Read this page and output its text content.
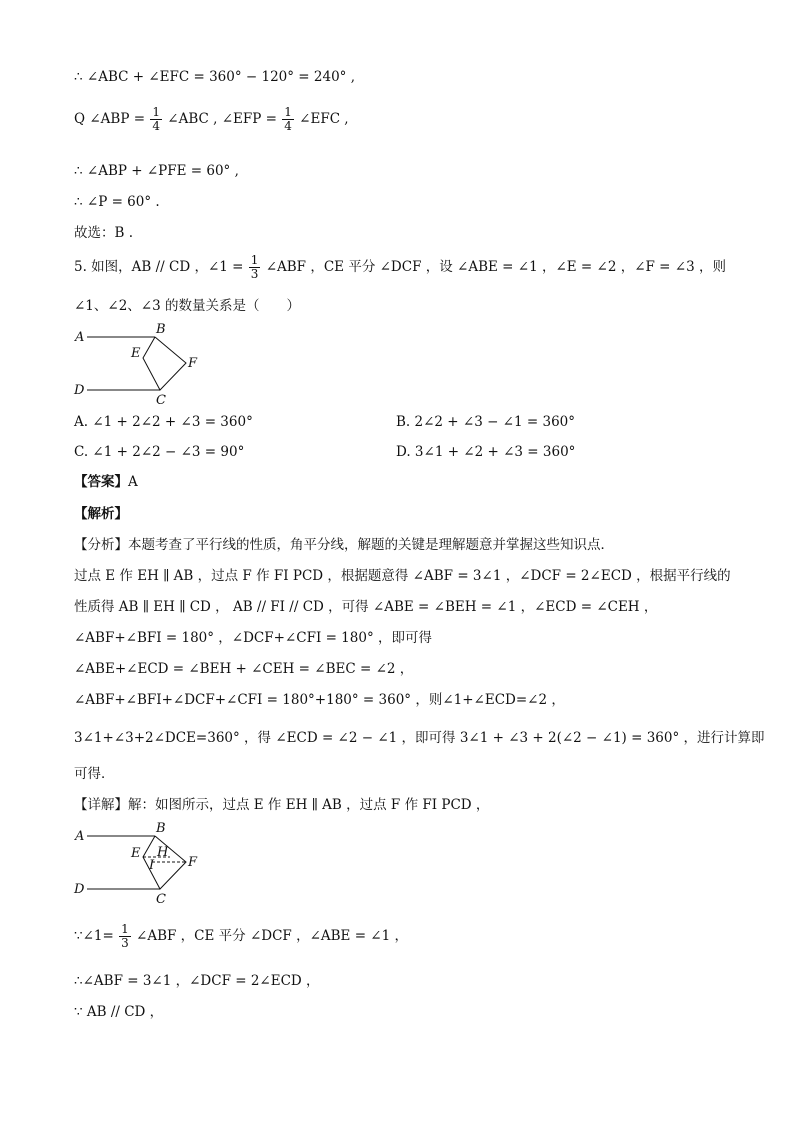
∴ ∠ABC + ∠EFC = 360° − 120° = 240° ,
Q ∠ABP = $\frac{1}{4}$ ∠ABC , ∠EFP = $\frac{1}{4}$ ∠EFC ,
∴ ∠ABP + ∠PFE = 60° ,
∴ ∠P = 60° .
故选：B .
5. 如图，AB // CD ，∠1 = $\frac{1}{3}$ ∠ABF ，CE 平分 ∠DCF ，设 ∠ABE = ∠1 ，∠E = ∠2 ，∠F = ∠3 ，则
∠1、∠2、∠3 的数量关系是（　　）
A
B
E
F
D
C
A. ∠1 + 2∠2 + ∠3 = 360°	B. 2∠2 + ∠3 − ∠1 = 360°
C. ∠1 + 2∠2 − ∠3 = 90°	D. 3∠1 + ∠2 + ∠3 = 360°
【答案】A
【解析】
【分析】本题考查了平行线的性质，角平分线，解题的关键是理解题意并掌握这些知识点．
过点 E 作 EH ∥ AB ，过点 F 作 FI PCD ，根据题意得 ∠ABF = 3∠1 ，∠DCF = 2∠ECD ，根据平行线的
性质得 AB ∥ EH ∥ CD ， AB // FI // CD ，可得 ∠ABE = ∠BEH = ∠1 ，∠ECD = ∠CEH ，
∠ABF+∠BFI = 180° ，∠DCF+∠CFI = 180° ，即可得
∠ABE+∠ECD = ∠BEH + ∠CEH = ∠BEC = ∠2 ，
∠ABF+∠BFI+∠DCF+∠CFI = 180°+180° = 360° ，则∠1+∠ECD=∠2 ，
3∠1+∠3+2∠DCE=360° ，得 ∠ECD = ∠2 − ∠1 ，即可得 3∠1 + ∠3 + 2(∠2 − ∠1) = 360° ，进行计算即
可得．
【详解】解：如图所示，过点 E 作 EH ∥ AB ，过点 F 作 FI PCD ，
A
B
E H
I	F
D
C
∵∠1= $\frac{1}{3}$ ∠ABF ，CE 平分 ∠DCF ，∠ABE = ∠1 ，
∴∠ABF = 3∠1 ，∠DCF = 2∠ECD ，
∵ AB // CD ，
